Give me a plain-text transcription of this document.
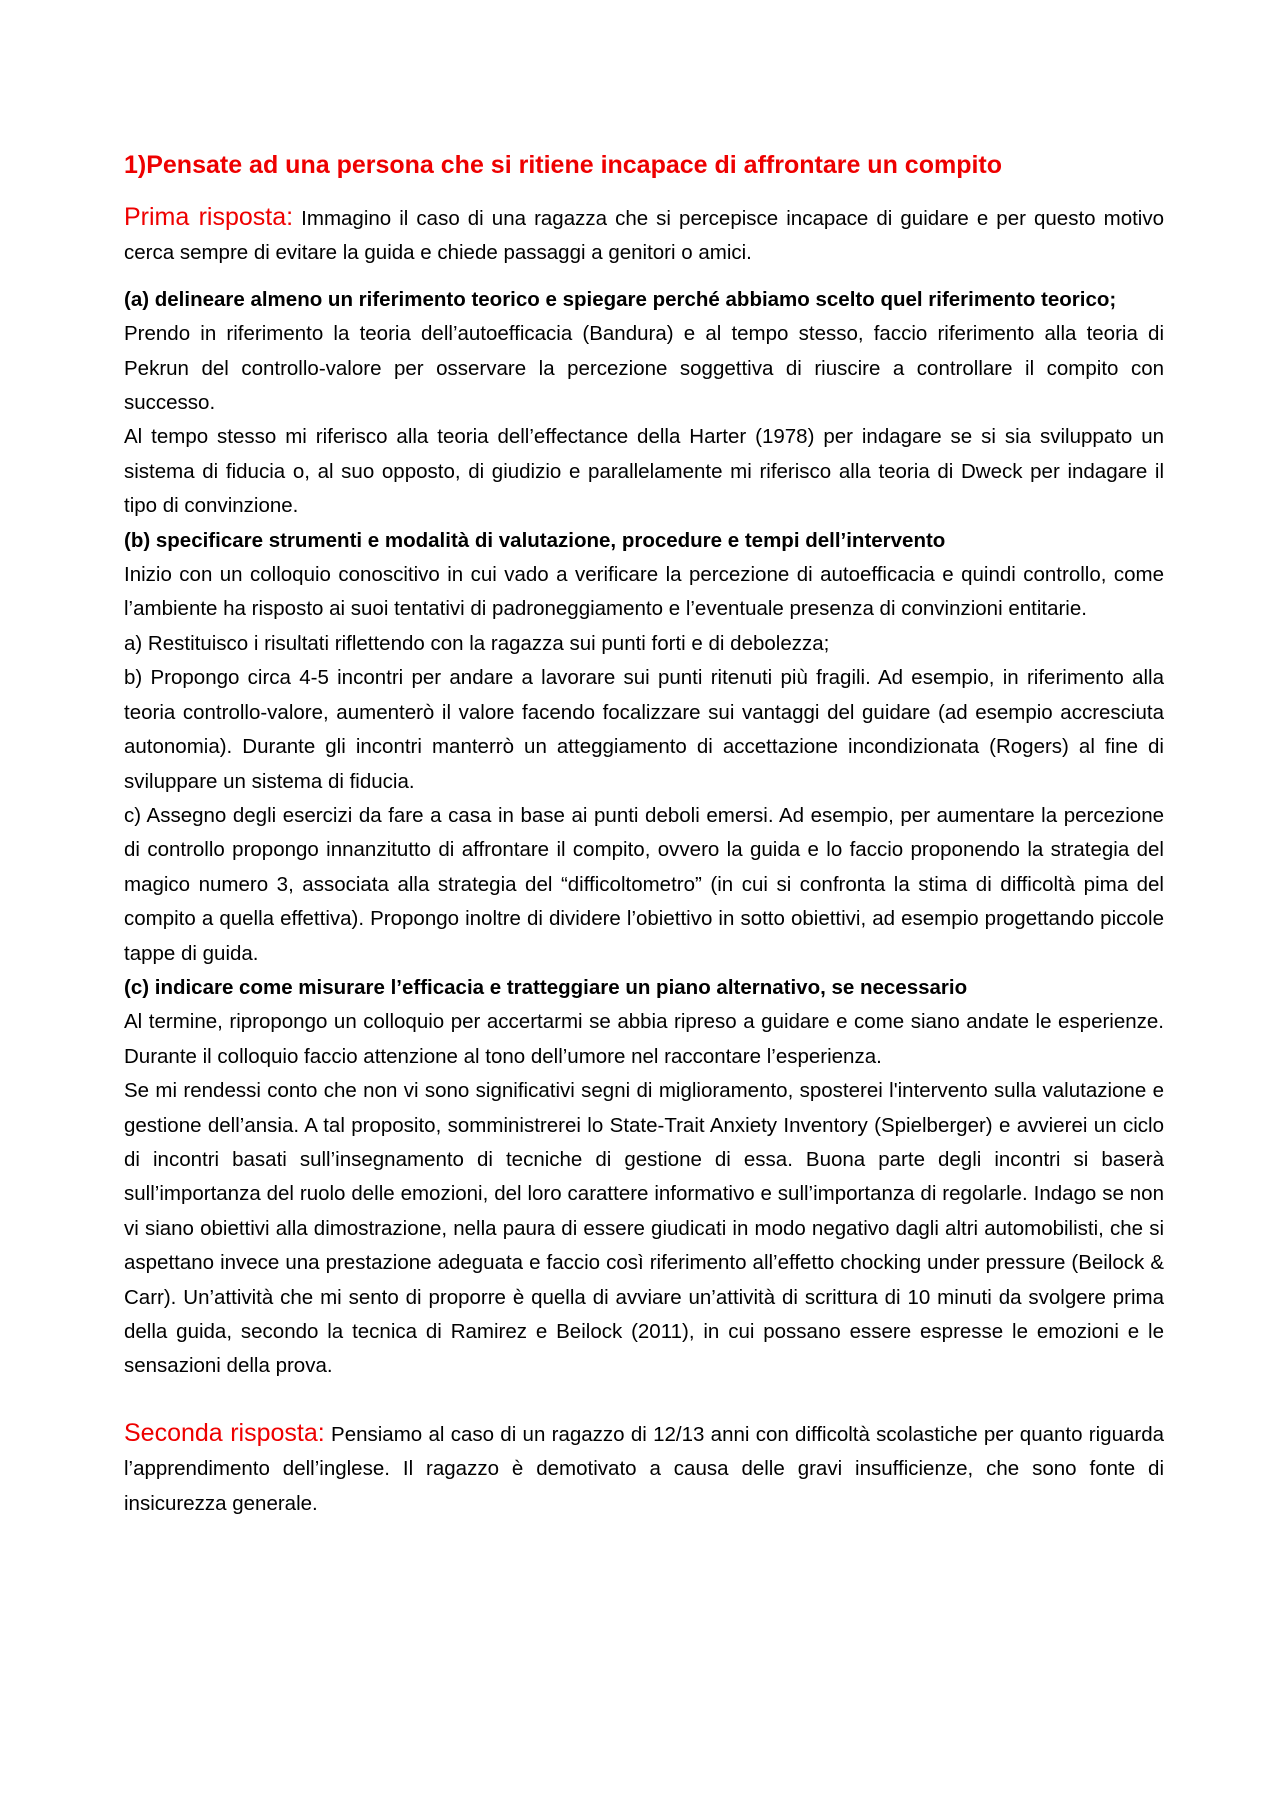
1)Pensate ad una persona che si ritiene incapace di affrontare un compito

Prima risposta: Immagino il caso di una ragazza che si percepisce incapace di guidare e per questo motivo cerca sempre di evitare la guida e chiede passaggi a genitori o amici.

(a) delineare almeno un riferimento teorico e spiegare perché abbiamo scelto quel riferimento teorico;

Prendo in riferimento la teoria dell’autoefficacia (Bandura) e al tempo stesso, faccio riferimento alla teoria di Pekrun del controllo-valore per osservare la percezione soggettiva di riuscire a controllare il compito con successo.

Al tempo stesso mi riferisco alla teoria dell’effectance della Harter (1978) per indagare se si sia sviluppato un sistema di fiducia o, al suo opposto, di giudizio e parallelamente mi riferisco alla teoria di Dweck per indagare il tipo di convinzione.

(b) specificare strumenti e modalità di valutazione, procedure e tempi dell’intervento

Inizio con un colloquio conoscitivo in cui vado a verificare la percezione di autoefficacia e quindi controllo, come l’ambiente ha risposto ai suoi tentativi di padroneggiamento e l’eventuale presenza di convinzioni entitarie.

a) Restituisco i risultati riflettendo con la ragazza sui punti forti e di debolezza;

b) Propongo circa 4-5 incontri per andare a lavorare sui punti ritenuti più fragili. Ad esempio, in riferimento alla teoria controllo-valore, aumenterò il valore facendo focalizzare sui vantaggi del guidare (ad esempio accresciuta autonomia). Durante gli incontri manterrò un atteggiamento di accettazione incondizionata (Rogers) al fine di sviluppare un sistema di fiducia.

c) Assegno degli esercizi da fare a casa in base ai punti deboli emersi. Ad esempio, per aumentare la percezione di controllo propongo innanzitutto di affrontare il compito, ovvero la guida e lo faccio proponendo la strategia del magico numero 3, associata alla strategia del “difficoltometro” (in cui si confronta la stima di difficoltà pima del compito a quella effettiva). Propongo inoltre di dividere l’obiettivo in sotto obiettivi, ad esempio progettando piccole tappe di guida.

(c) indicare come misurare l’efficacia e tratteggiare un piano alternativo, se necessario

Al termine, ripropongo un colloquio per accertarmi se abbia ripreso a guidare e come siano andate le esperienze. Durante il colloquio faccio attenzione al tono dell’umore nel raccontare l’esperienza.

Se mi rendessi conto che non vi sono significativi segni di miglioramento, sposterei l'intervento sulla valutazione e gestione dell’ansia. A tal proposito, somministrerei lo State-Trait Anxiety Inventory (Spielberger) e avvierei un ciclo di incontri basati sull’insegnamento di tecniche di gestione di essa. Buona parte degli incontri si baserà sull’importanza del ruolo delle emozioni, del loro carattere informativo e sull’importanza di regolarle. Indago se non vi siano obiettivi alla dimostrazione, nella paura di essere giudicati in modo negativo dagli altri automobilisti, che si aspettano invece una prestazione adeguata e faccio così riferimento all’effetto chocking under pressure (Beilock & Carr). Un’attività che mi sento di proporre è quella di avviare un’attività di scrittura di 10 minuti da svolgere prima della guida, secondo la tecnica di Ramirez e Beilock (2011), in cui possano essere espresse le emozioni e le sensazioni della prova.

Seconda risposta: Pensiamo al caso di un ragazzo di 12/13 anni con difficoltà scolastiche per quanto riguarda l’apprendimento dell’inglese. Il ragazzo è demotivato a causa delle gravi insufficienze, che sono fonte di insicurezza generale.
